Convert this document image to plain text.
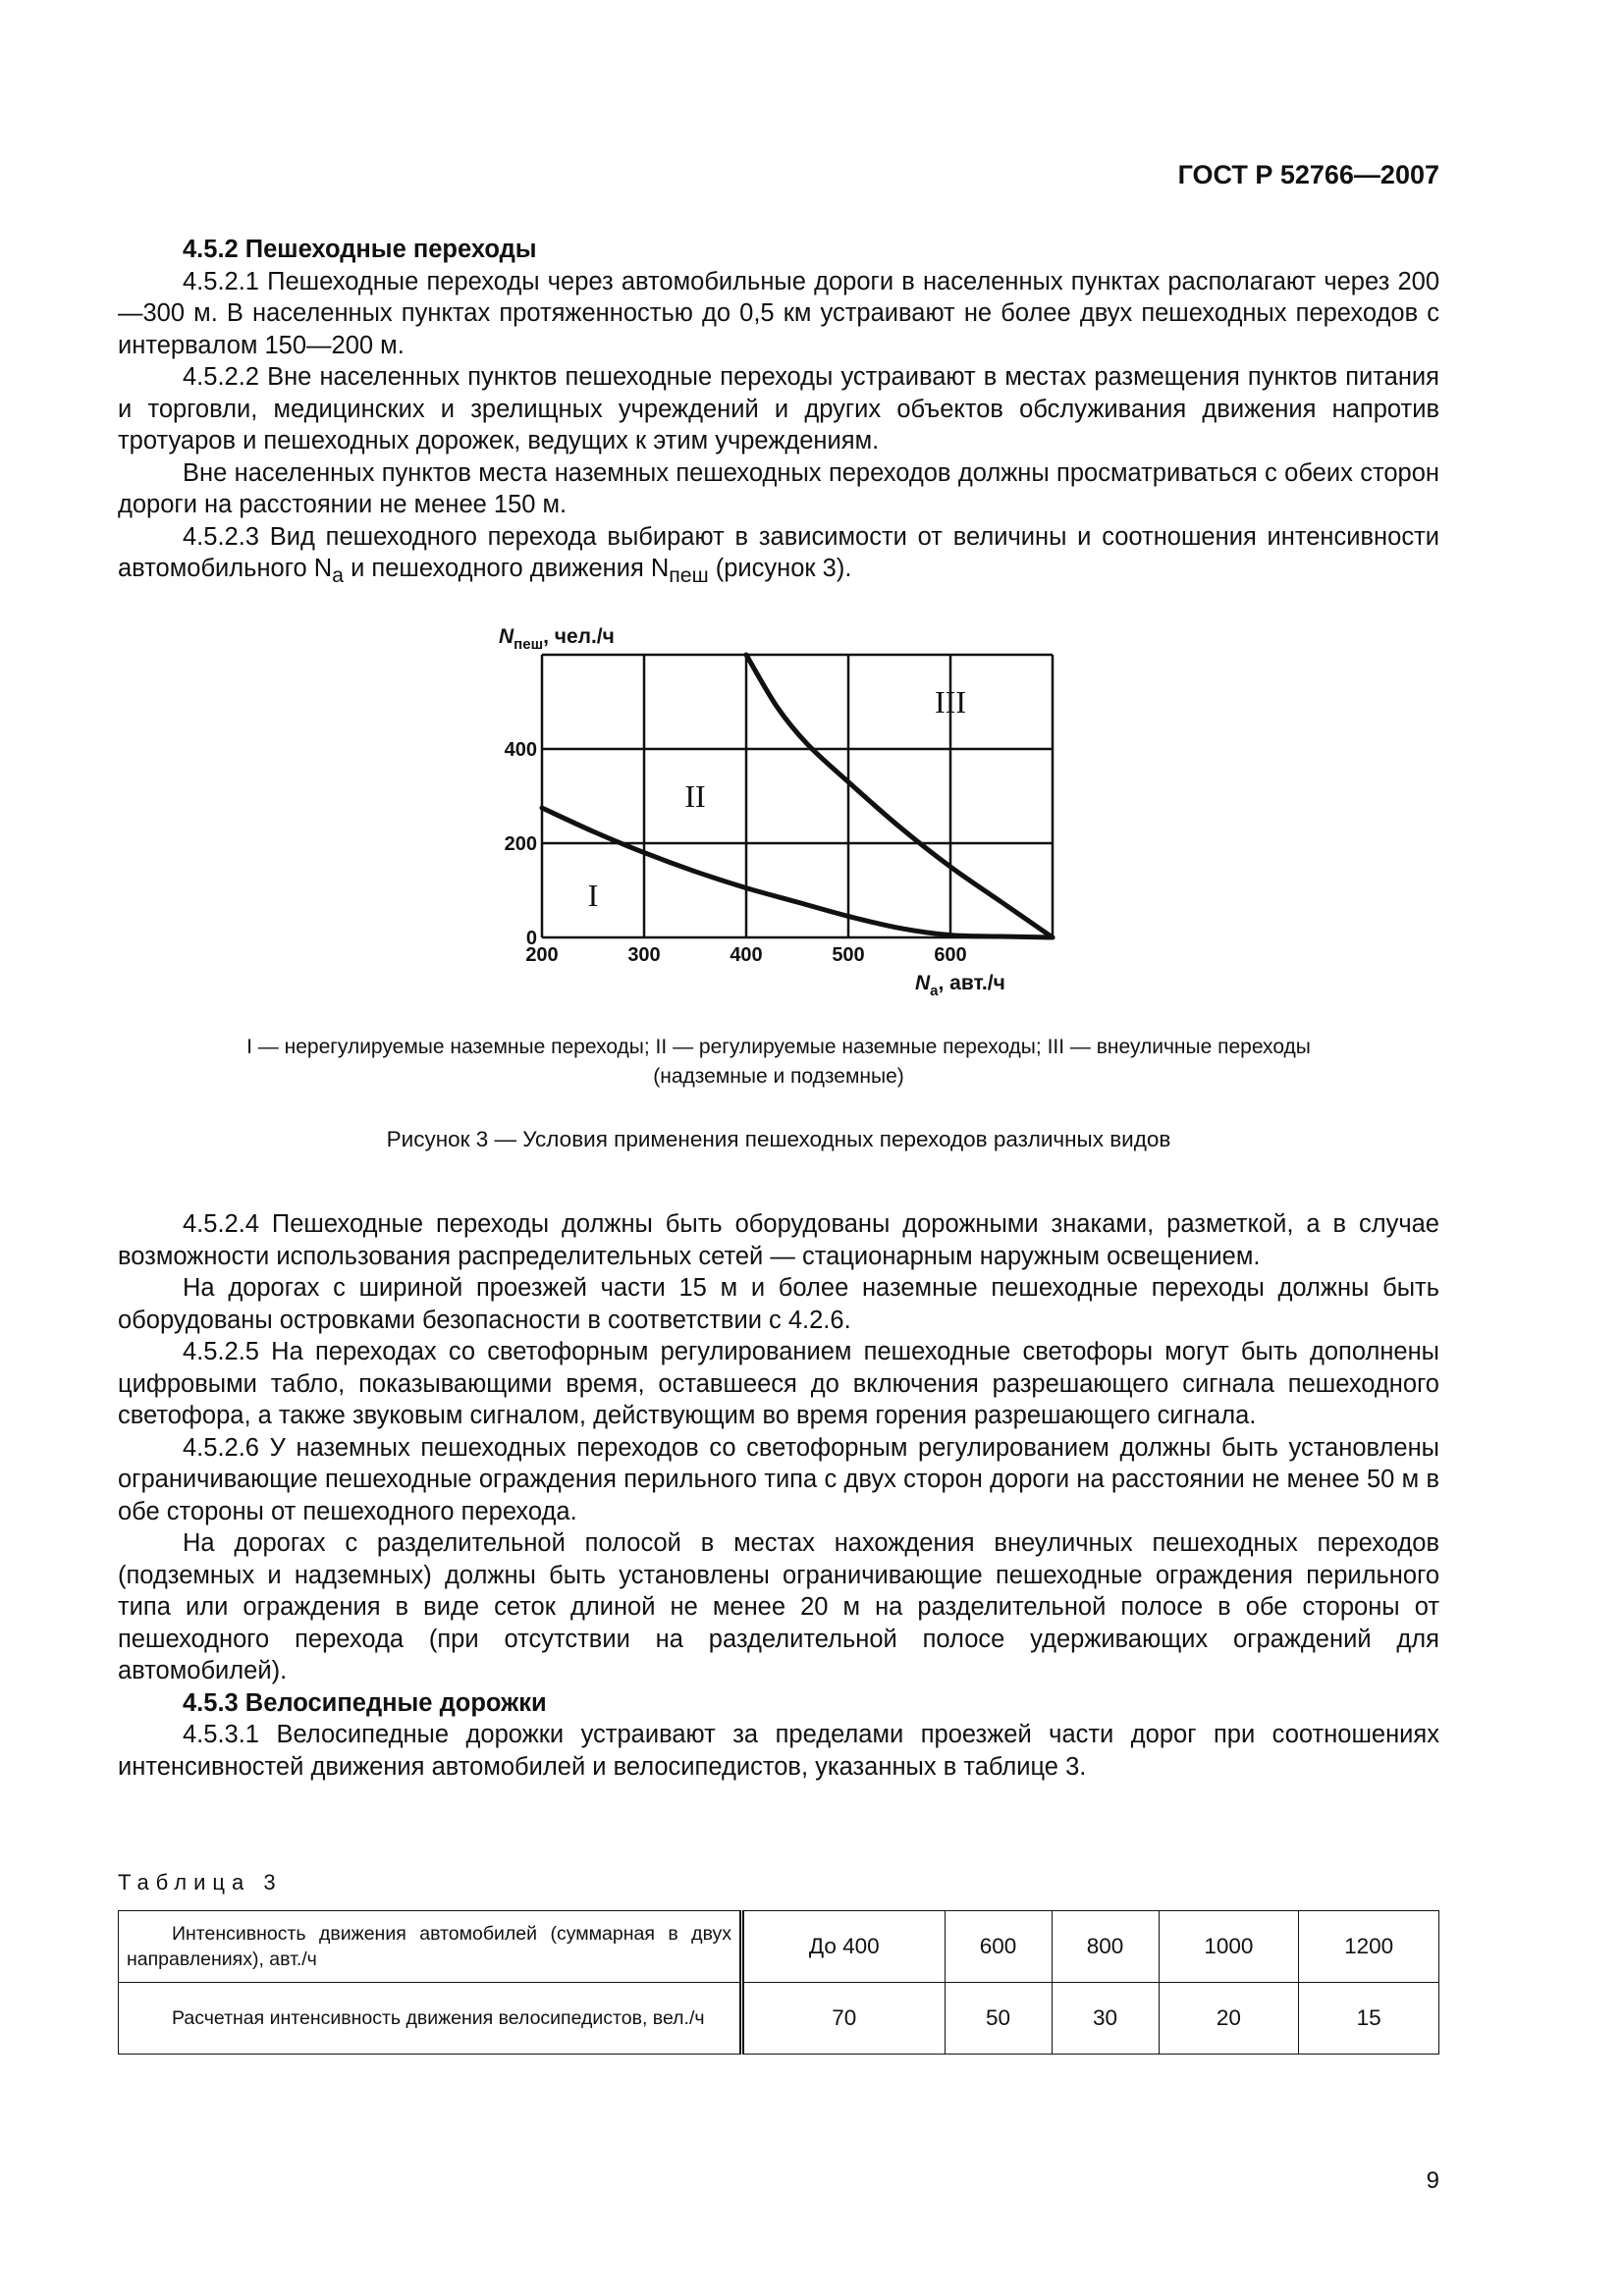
ГОСТ Р 52766—2007

4.5.2 Пешеходные переходы

4.5.2.1 Пешеходные переходы через автомобильные дороги в населенных пунктах располагают через 200—300 м. В населенных пунктах протяженностью до 0,5 км устраивают не более двух пешеходных переходов с интервалом 150—200 м.

4.5.2.2 Вне населенных пунктов пешеходные переходы устраивают в местах размещения пунктов питания и торговли, медицинских и зрелищных учреждений и других объектов обслуживания движения напротив тротуаров и пешеходных дорожек, ведущих к этим учреждениям.

Вне населенных пунктов места наземных пешеходных переходов должны просматриваться с обеих сторон дороги на расстоянии не менее 150 м.

4.5.2.3 Вид пешеходного перехода выбирают в зависимости от величины и соотношения интенсивности автомобильного $N_а$ и пешеходного движения $N_{пеш}$ (рисунок 3).

200	300	400	500	600
0
200
400
I
II
III
$N_{пеш}$, чел./ч
$N_а$, авт./ч
I — нерегулируемые наземные переходы; II — регулируемые наземные переходы; III — внеуличные переходы
(надземные и подземные)
Рисунок 3 — Условия применения пешеходных переходов различных видов

4.5.2.4 Пешеходные переходы должны быть оборудованы дорожными знаками, разметкой, а в случае возможности использования распределительных сетей — стационарным наружным освещением.

На дорогах с шириной проезжей части 15 м и более наземные пешеходные переходы должны быть оборудованы островками безопасности в соответствии с 4.2.6.

4.5.2.5 На переходах со светофорным регулированием пешеходные светофоры могут быть дополнены цифровыми табло, показывающими время, оставшееся до включения разрешающего сигнала пешеходного светофора, а также звуковым сигналом, действующим во время горения разрешающего сигнала.

4.5.2.6 У наземных пешеходных переходов со светофорным регулированием должны быть установлены ограничивающие пешеходные ограждения перильного типа с двух сторон дороги на расстоянии не менее 50 м в обе стороны от пешеходного перехода.

На дорогах с разделительной полосой в местах нахождения внеуличных пешеходных переходов (подземных и надземных) должны быть установлены ограничивающие пешеходные ограждения перильного типа или ограждения в виде сеток длиной не менее 20 м на разделительной полосе в обе стороны от пешеходного перехода (при отсутствии на разделительной полосе удерживающих ограждений для автомобилей).

4.5.3 Велосипедные дорожки

4.5.3.1 Велосипедные дорожки устраивают за пределами проезжей части дорог при соотношениях интенсивностей движения автомобилей и велосипедистов, указанных в таблице 3.

Таблица 3
Интенсивность движения автомобилей (суммарная в двух направлениях), авт./ч	До 400	600	800	1000	1200

Расчетная интенсивность движения велосипедистов, вел./ч	70	50	30	20	15
9
